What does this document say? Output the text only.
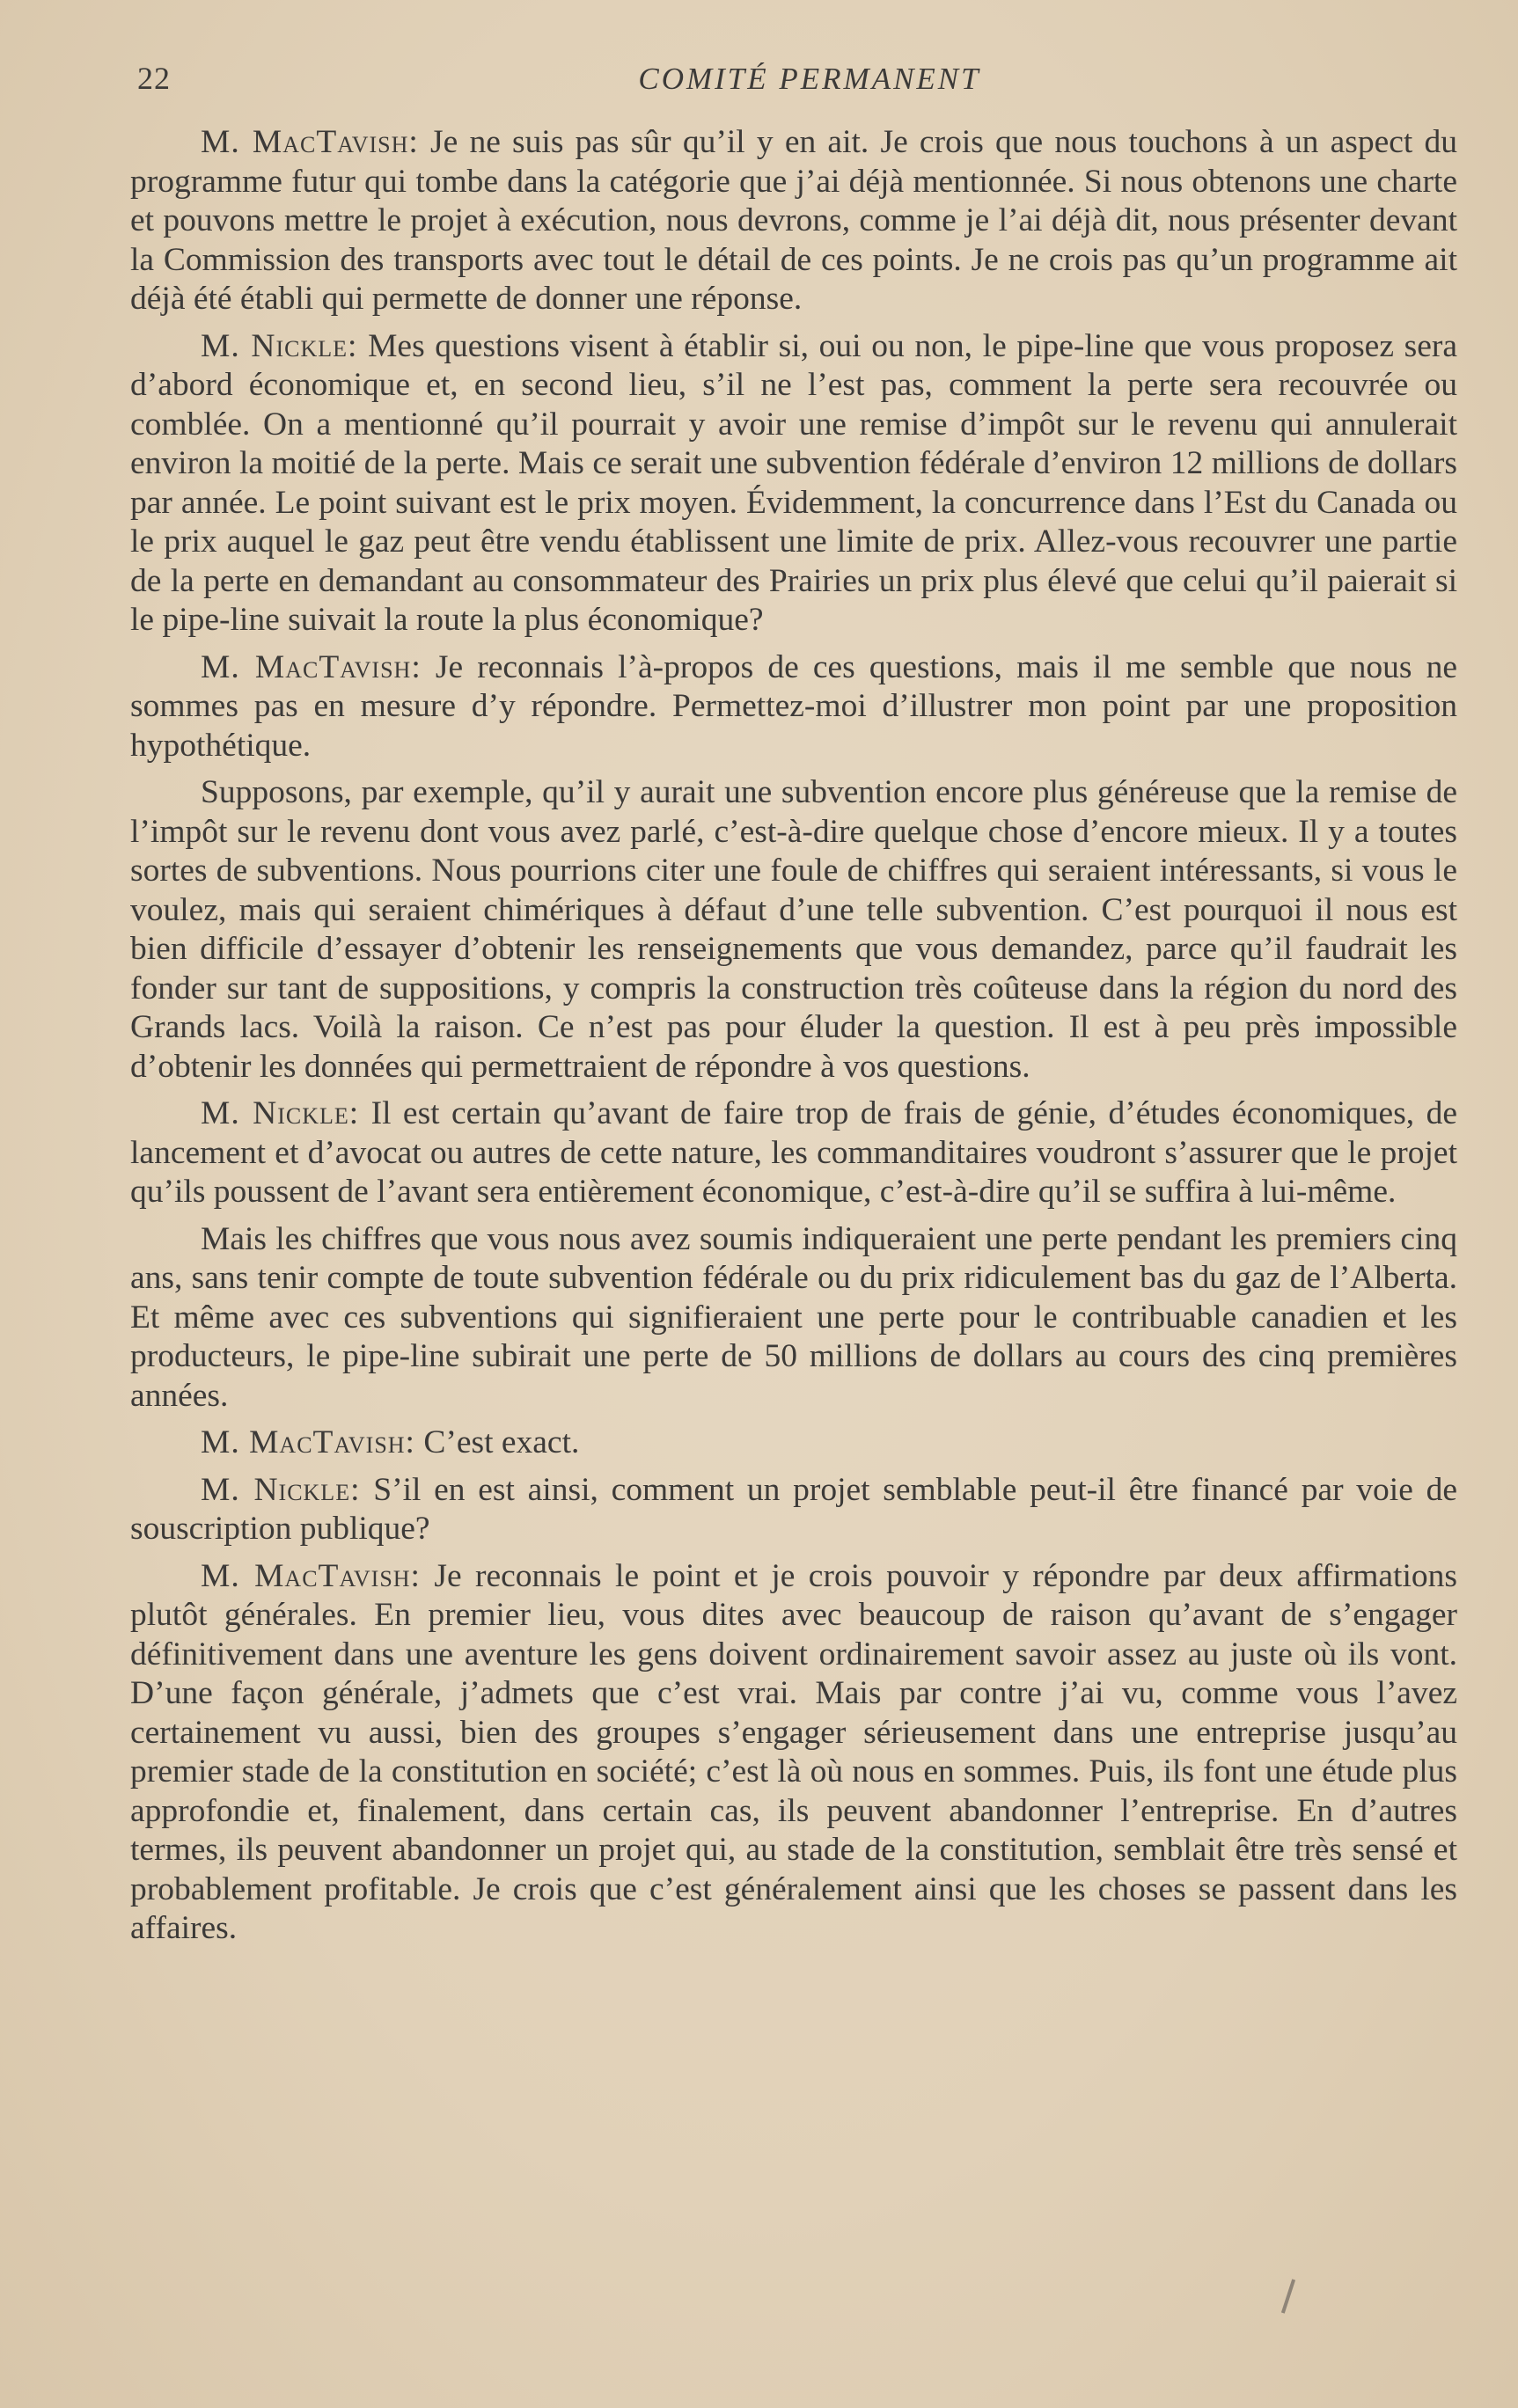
22	COMITÉ PERMANENT

M. MacTavish: Je ne suis pas sûr qu’il y en ait. Je crois que nous touchons à un aspect du programme futur qui tombe dans la catégorie que j’ai déjà mentionnée. Si nous obtenons une charte et pouvons mettre le projet à exécution, nous devrons, comme je l’ai déjà dit, nous présenter devant la Commission des transports avec tout le détail de ces points. Je ne crois pas qu’un programme ait déjà été établi qui permette de donner une réponse.

M. Nickle: Mes questions visent à établir si, oui ou non, le pipe-line que vous proposez sera d’abord économique et, en second lieu, s’il ne l’est pas, comment la perte sera recouvrée ou comblée. On a mentionné qu’il pourrait y avoir une remise d’impôt sur le revenu qui annulerait environ la moitié de la perte. Mais ce serait une subvention fédérale d’environ 12 millions de dollars par année. Le point suivant est le prix moyen. Évidemment, la concurrence dans l’Est du Canada ou le prix auquel le gaz peut être vendu établissent une limite de prix. Allez-vous recouvrer une partie de la perte en demandant au consommateur des Prairies un prix plus élevé que celui qu’il paierait si le pipe-line suivait la route la plus économique?

M. MacTavish: Je reconnais l’à-propos de ces questions, mais il me semble que nous ne sommes pas en mesure d’y répondre. Permettez-moi d’illustrer mon point par une proposition hypothétique.

Supposons, par exemple, qu’il y aurait une subvention encore plus généreuse que la remise de l’impôt sur le revenu dont vous avez parlé, c’est-à-dire quelque chose d’encore mieux. Il y a toutes sortes de subventions. Nous pourrions citer une foule de chiffres qui seraient intéressants, si vous le voulez, mais qui seraient chimériques à défaut d’une telle subvention. C’est pourquoi il nous est bien difficile d’essayer d’obtenir les renseignements que vous demandez, parce qu’il faudrait les fonder sur tant de suppositions, y compris la construction très coûteuse dans la région du nord des Grands lacs. Voilà la raison. Ce n’est pas pour éluder la question. Il est à peu près impossible d’obtenir les données qui permettraient de répondre à vos questions.

M. Nickle: Il est certain qu’avant de faire trop de frais de génie, d’études économiques, de lancement et d’avocat ou autres de cette nature, les commanditaires voudront s’assurer que le projet qu’ils poussent de l’avant sera entièrement économique, c’est-à-dire qu’il se suffira à lui-même.

Mais les chiffres que vous nous avez soumis indiqueraient une perte pendant les premiers cinq ans, sans tenir compte de toute subvention fédérale ou du prix ridiculement bas du gaz de l’Alberta. Et même avec ces subventions qui signifieraient une perte pour le contribuable canadien et les producteurs, le pipe-line subirait une perte de 50 millions de dollars au cours des cinq premières années.

M. MacTavish: C’est exact.

M. Nickle: S’il en est ainsi, comment un projet semblable peut-il être financé par voie de souscription publique?

M. MacTavish: Je reconnais le point et je crois pouvoir y répondre par deux affirmations plutôt générales. En premier lieu, vous dites avec beaucoup de raison qu’avant de s’engager définitivement dans une aventure les gens doivent ordinairement savoir assez au juste où ils vont. D’une façon générale, j’admets que c’est vrai. Mais par contre j’ai vu, comme vous l’avez certainement vu aussi, bien des groupes s’engager sérieusement dans une entreprise jusqu’au premier stade de la constitution en société; c’est là où nous en sommes. Puis, ils font une étude plus approfondie et, finalement, dans certain cas, ils peuvent abandonner l’entreprise. En d’autres termes, ils peuvent abandonner un projet qui, au stade de la constitution, semblait être très sensé et probablement profitable. Je crois que c’est généralement ainsi que les choses se passent dans les affaires.
